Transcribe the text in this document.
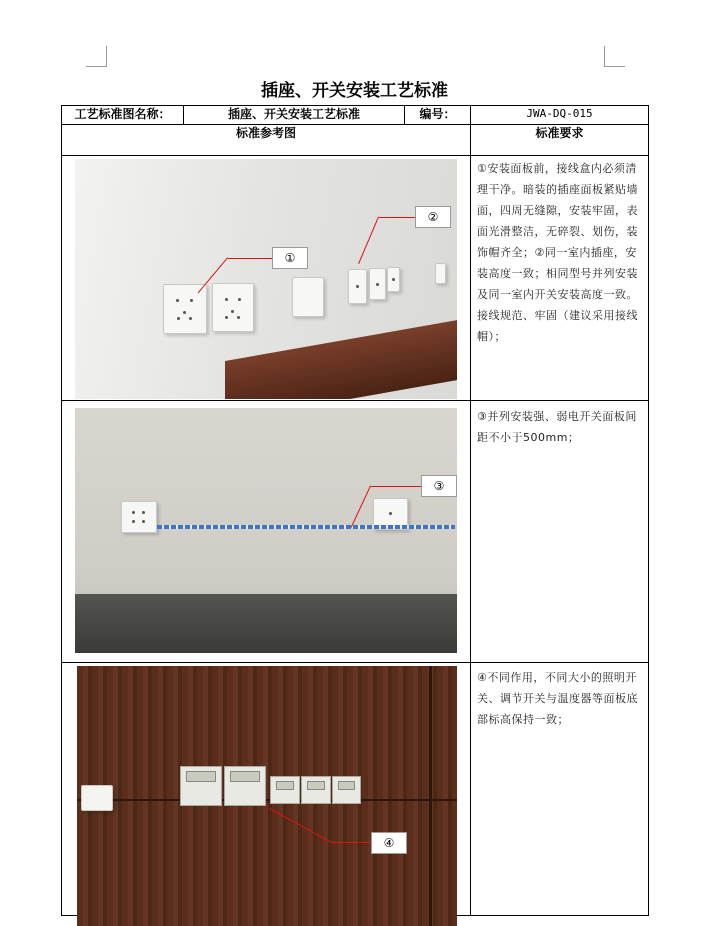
插座、开关安装工艺标准
工艺标准图名称：	插座、开关安装工艺标准	编号：	JWA-DQ-015
标准参考图			标准要求

①
②			①安装面板前，接线盒内必须清理干净。暗装的插座面板紧贴墙面，四周无缝隙，安装牢固，表面光滑整洁，无碎裂、划伤，装饰帽齐全；②同一室内插座，安装高度一致；相同型号并列安装及同一室内开关安装高度一致。接线规范、牢固（建议采用接线帽）；

③			③并列安装强、弱电开关面板间距不小于500mm；

④			④不同作用，不同大小的照明开关、调节开关与温度器等面板底部标高保持一致；
